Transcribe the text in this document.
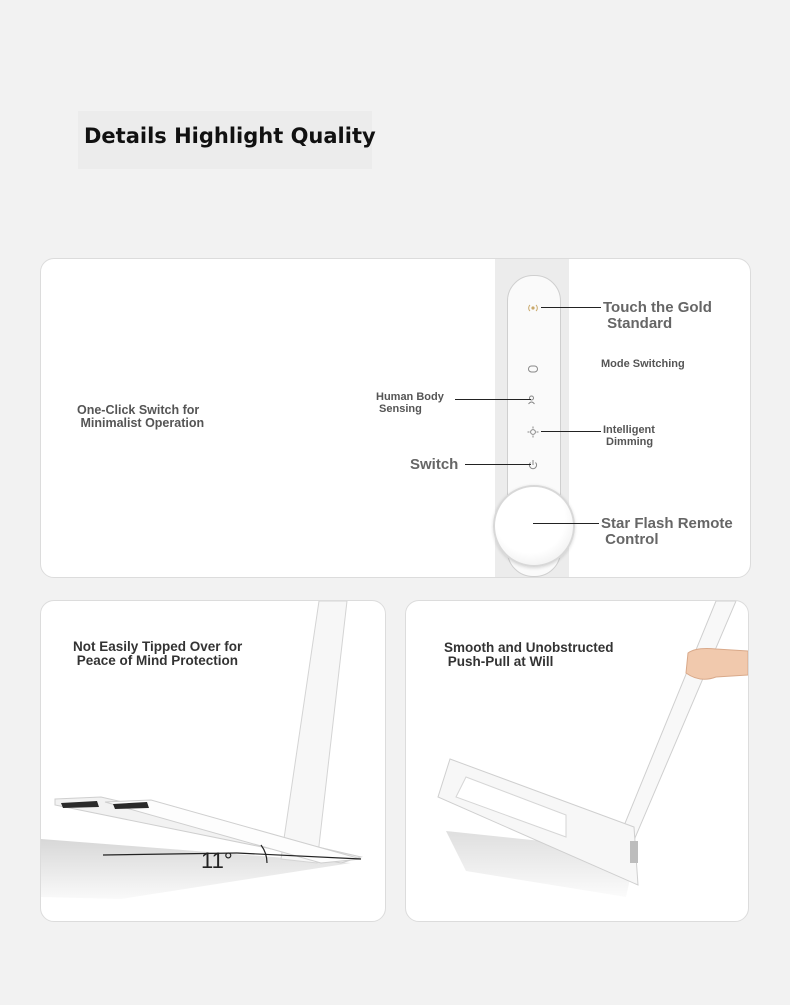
Details Highlight Quality
One-Click Switch for
Minimalist Operation
Touch the Gold
Standard
Mode Switching
Human Body
Sensing
Intelligent
Dimming
Switch
Star Flash Remote
Control
Not Easily Tipped Over for
Peace of Mind Protection
11°
Smooth and Unobstructed
Push-Pull at Will
